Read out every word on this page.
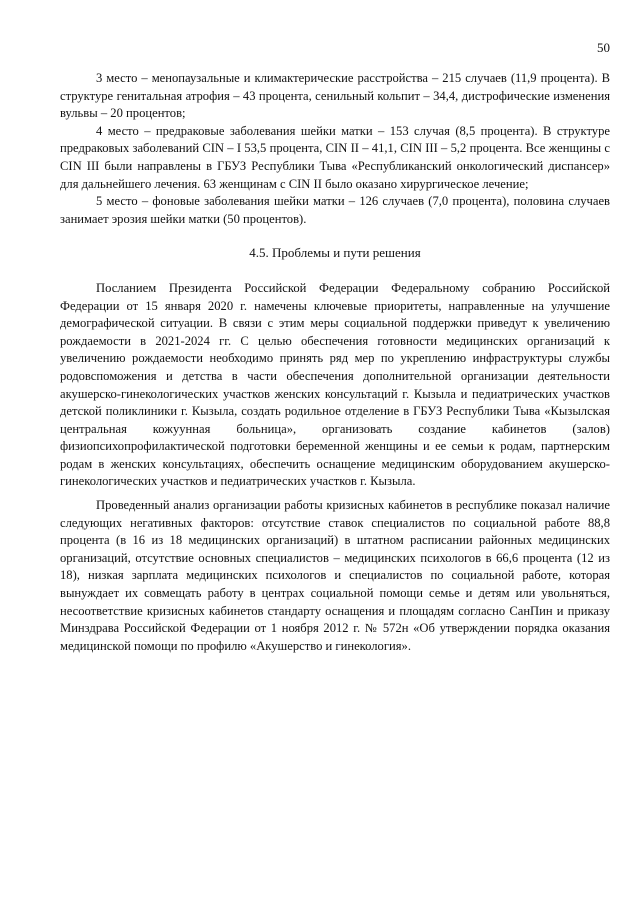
50

3 место – менопаузальные и климактерические расстройства – 215 случаев (11,9 процента). В структуре генитальная атрофия – 43 процента, сенильный кольпит – 34,4, дистрофические изменения вульвы – 20 процентов;

4 место – предраковые заболевания шейки матки – 153 случая (8,5 процента). В структуре предраковых заболеваний CIN – I 53,5 процента, CIN II – 41,1, CIN III – 5,2 процента. Все женщины с CIN III были направлены в ГБУЗ Республики Тыва «Республиканский онкологический диспансер» для дальнейшего лечения. 63 женщинам с CIN II было оказано хирургическое лечение;

5 место – фоновые заболевания шейки матки – 126 случаев (7,0 процента), половина случаев занимает эрозия шейки матки (50 процентов).

4.5. Проблемы и пути решения

Посланием Президента Российской Федерации Федеральному собранию Российской Федерации от 15 января 2020 г. намечены ключевые приоритеты, направленные на улучшение демографической ситуации. В связи с этим меры социальной поддержки приведут к увеличению рождаемости в 2021-2024 гг. С целью обеспечения готовности медицинских организаций к увеличению рождаемости необходимо принять ряд мер по укреплению инфраструктуры службы родовспоможения и детства в части обеспечения дополнительной организации деятельности акушерско-гинекологических участков женских консультаций г. Кызыла и педиатрических участков детской поликлиники г. Кызыла, создать родильное отделение в ГБУЗ Республики Тыва «Кызылская центральная кожуунная больница», организовать создание кабинетов (залов) физиопсихопрофилактической подготовки беременной женщины и ее семьи к родам, партнерским родам в женских консультациях, обеспечить оснащение медицинским оборудованием акушерско-гинекологических участков и педиатрических участков г. Кызыла.

Проведенный анализ организации работы кризисных кабинетов в республике показал наличие следующих негативных факторов: отсутствие ставок специалистов по социальной работе 88,8 процента (в 16 из 18 медицинских организаций) в штатном расписании районных медицинских организаций, отсутствие основных специалистов – медицинских психологов в 66,6 процента (12 из 18), низкая зарплата медицинских психологов и специалистов по социальной работе, которая вынуждает их совмещать работу в центрах социальной помощи семье и детям или увольняться, несоответствие кризисных кабинетов стандарту оснащения и площадям согласно СанПин и приказу Минздрава Российской Федерации от 1 ноября 2012 г. № 572н «Об утверждении порядка оказания медицинской помощи по профилю «Акушерство и гинекология».
